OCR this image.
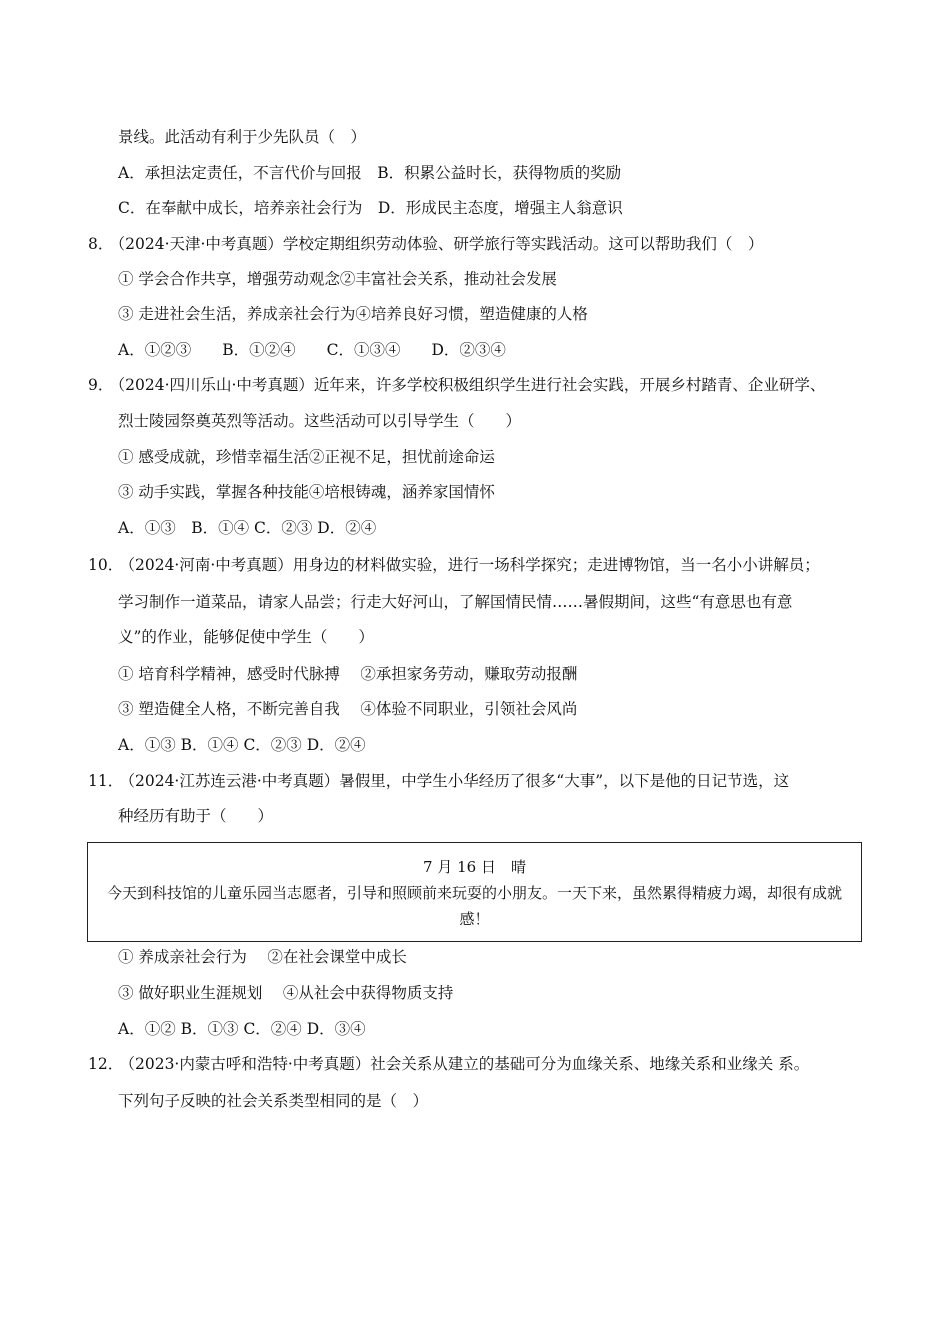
景线。此活动有利于少先队员（　）
A．承担法定责任，不言代价与回报　B．积累公益时长，获得物质的奖励
C．在奉献中成长，培养亲社会行为　D．形成民主态度，增强主人翁意识
8． （2024·天津·中考真题）学校定期组织劳动体验、研学旅行等实践活动。这可以帮助我们（　）
① 学会合作共享，增强劳动观念②丰富社会关系，推动社会发展
③ 走进社会生活，养成亲社会行为④培养良好习惯，塑造健康的人格
A．①②③　　B．①②④　　C．①③④　　D．②③④
9． （2024·四川乐山·中考真题）近年来，许多学校积极组织学生进行社会实践，开展乡村踏青、企业研学、
烈士陵园祭奠英烈等活动。这些活动可以引导学生（　　）
① 感受成就，珍惜幸福生活②正视不足，担忧前途命运
③ 动手实践，掌握各种技能④培根铸魂，涵养家国情怀
A．①③　B．①④ C．②③ D．②④
10． （2024·河南·中考真题）用身边的材料做实验，进行一场科学探究；走进博物馆，当一名小小讲解员；
学习制作一道菜品，请家人品尝；行走大好河山，了解国情民情……暑假期间，这些“有意思也有意
义”的作业，能够促使中学生（　　）
① 培育科学精神，感受时代脉搏　 ②承担家务劳动，赚取劳动报酬
③ 塑造健全人格，不断完善自我　 ④体验不同职业，引领社会风尚
A．①③ B．①④ C．②③ D．②④
11． （2024·江苏连云港·中考真题）暑假里，中学生小华经历了很多“大事”，以下是他的日记节选，这
种经历有助于（　　）
7 月 16 日　晴
今天到科技馆的儿童乐园当志愿者，引导和照顾前来玩耍的小朋友。一天下来，虽然累得精疲力竭，却很有成就感！
① 养成亲社会行为　 ②在社会课堂中成长
③ 做好职业生涯规划　 ④从社会中获得物质支持
A．①② B．①③ C．②④ D．③④
12． （2023·内蒙古呼和浩特·中考真题）社会关系从建立的基础可分为血缘关系、地缘关系和业缘关 系。
下列句子反映的社会关系类型相同的是（　）
